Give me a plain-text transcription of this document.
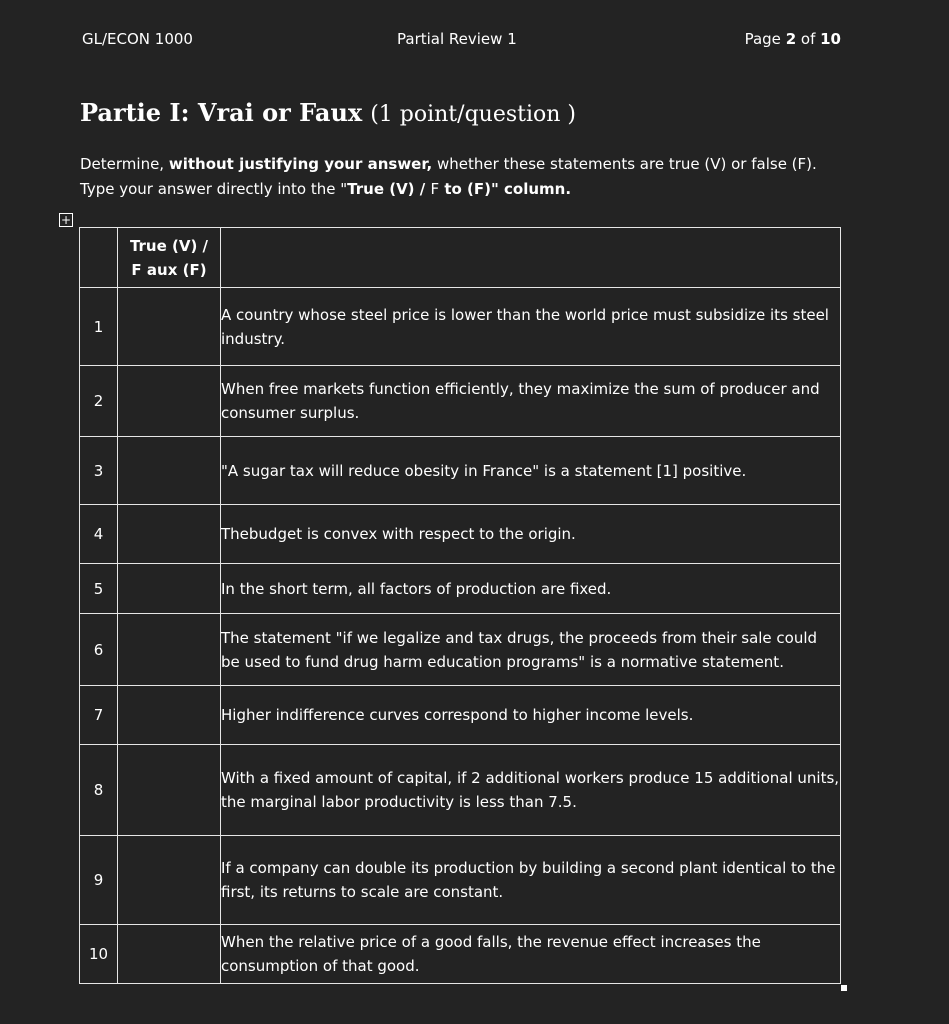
GL/ECON 1000	Partial Review 1	Page 2 of 10
Partie I: Vrai or Faux (1 point/question )
Determine, without justifying your answer, whether these statements are true (V) or false (F).
Type your answer directly into the "True (V) / F to (F)" column.
+

	True (V) /
F aux (F)	

1		A country whose steel price is lower than the world price must subsidize its steel industry.
2		When free markets function efficiently, they maximize the sum of producer and consumer surplus.
3		"A sugar tax will reduce obesity in France" is a statement [1] positive.
4		Thebudget is convex with respect to the origin.
5		In the short term, all factors of production are fixed.
6		The statement "if we legalize and tax drugs, the proceeds from their sale could be used to fund drug harm education programs" is a normative statement.
7		Higher indifference curves correspond to higher income levels.
8		With a fixed amount of capital, if 2 additional workers produce 15 additional units, the marginal labor productivity is less than 7.5.
9		If a company can double its production by building a second plant identical to the first, its returns to scale are constant.
10		When the relative price of a good falls, the revenue effect increases the consumption of that good.
